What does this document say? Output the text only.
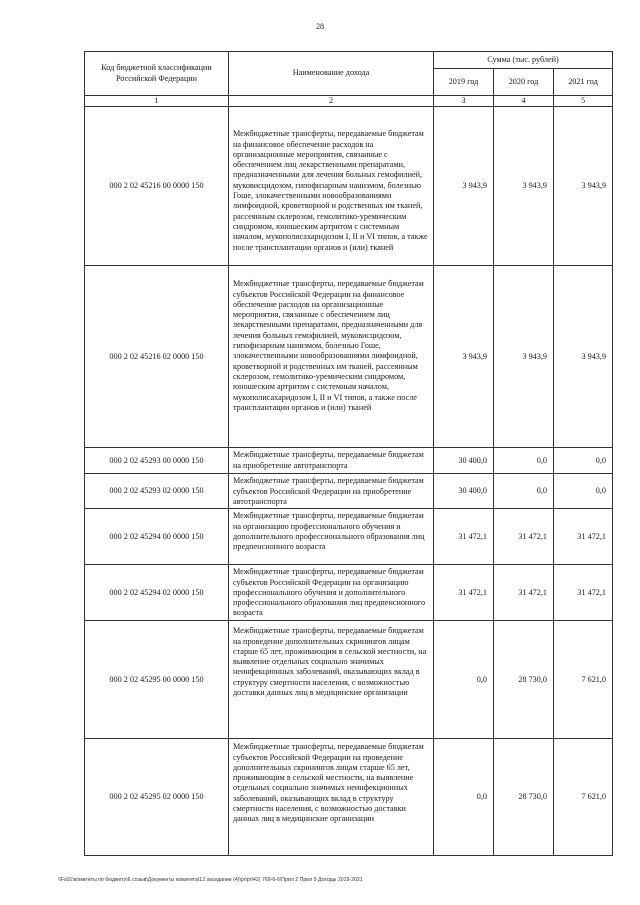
28
Код бюджетной классификации Российской Федерации	Наименование дохода	Сумма (тыс. рублей)		
		2019 год	2020 год	2021 год
1	2	3	4	5
000 2 02 45216 00 0000 150	Межбюджетные трансферты, передаваемые бюджетам на финансовое обеспечение расходов на организационные мероприятия, связанные с обеспечением лиц лекарственными препаратами, предназначенными для лечения больных гемофилией, муковисцидозом, гипофизарным нанизмом, болезнью Гоше, злокачественными новообразованиями лимфоидной, кроветворной и родственных им тканей, рассеянным склерозом, гемолитико-уремическим синдромом, юношеским артритом с системным началом, мукополисахаридозом I, II и VI типов, а также после трансплантации органов и (или) тканей	3 943,9	3 943,9	3 943,9
000 2 02 45216 02 0000 150	Межбюджетные трансферты, передаваемые бюджетам субъектов Российской Федерации на финансовое обеспечение расходов на организационные мероприятия, связанные с обеспечением лиц лекарственными препаратами, предназначенными для лечения больных гемофилией, муковисцидозом, гипофизарным нанизмом, болезнью Гоше, злокачественными новообразованиями лимфоидной, кроветворной и родственных им тканей, рассеянным склерозом, гемолитико-уремическим синдромом, юношеским артритом с системным началом, мукополисахаридозом I, II и VI типов, а также после трансплантации органов и (или) тканей	3 943,9	3 943,9	3 943,9
000 2 02 45293 00 0000 150	Межбюджетные трансферты, передаваемые бюджетам на приобретение автотранспорта	30 400,0	0,0	0,0
000 2 02 45293 02 0000 150	Межбюджетные трансферты, передаваемые бюджетам субъектов Российской Федерации на приобретение автотранспорта	30 400,0	0,0	0,0
000 2 02 45294 00 0000 150	Межбюджетные трансферты, передаваемые бюджетам на организацию профессионального обучения и дополнительного профессионального образования лиц предпенсионного возраста	31 472,1	31 472,1	31 472,1
000 2 02 45294 02 0000 150	Межбюджетные трансферты, передаваемые бюджетам субъектов Российской Федерации на организацию профессионального обучения и дополнительного профессионального образования лиц предпенсионного возраста	31 472,1	31 472,1	31 472,1
000 2 02 45295 00 0000 150	Межбюджетные трансферты, передаваемые бюджетам на проведение дополнительных скринингов лицам старше 65 лет, проживающим в сельской местности, на выявление отдельных социально значимых неинфекционных заболеваний, оказывающих вклад в структуру смертности населения, с возможностью доставки данных лиц в медицинские организации	0,0	28 730,0	7 621,0
000 2 02 45295 02 0000 150	Межбюджетные трансферты, передаваемые бюджетам субъектов Российской Федерации на проведение дополнительных скринингов лицам старше 65 лет, проживающим в сельской местности, на выявление отдельных социально значимых неинфекционных заболеваний, оказывающих вклад в структуру смертности населения, с возможностью доставки данных лиц в медицинские организации	0,0	28 730,0	7 621,0
\\Fs01\комитеты по бюджету\6 созыв\Документы комитета\12 заседание (4)\pr\pr\42) 769-6-6\Прил 2 Прил 9 Доходы 2019-2021
